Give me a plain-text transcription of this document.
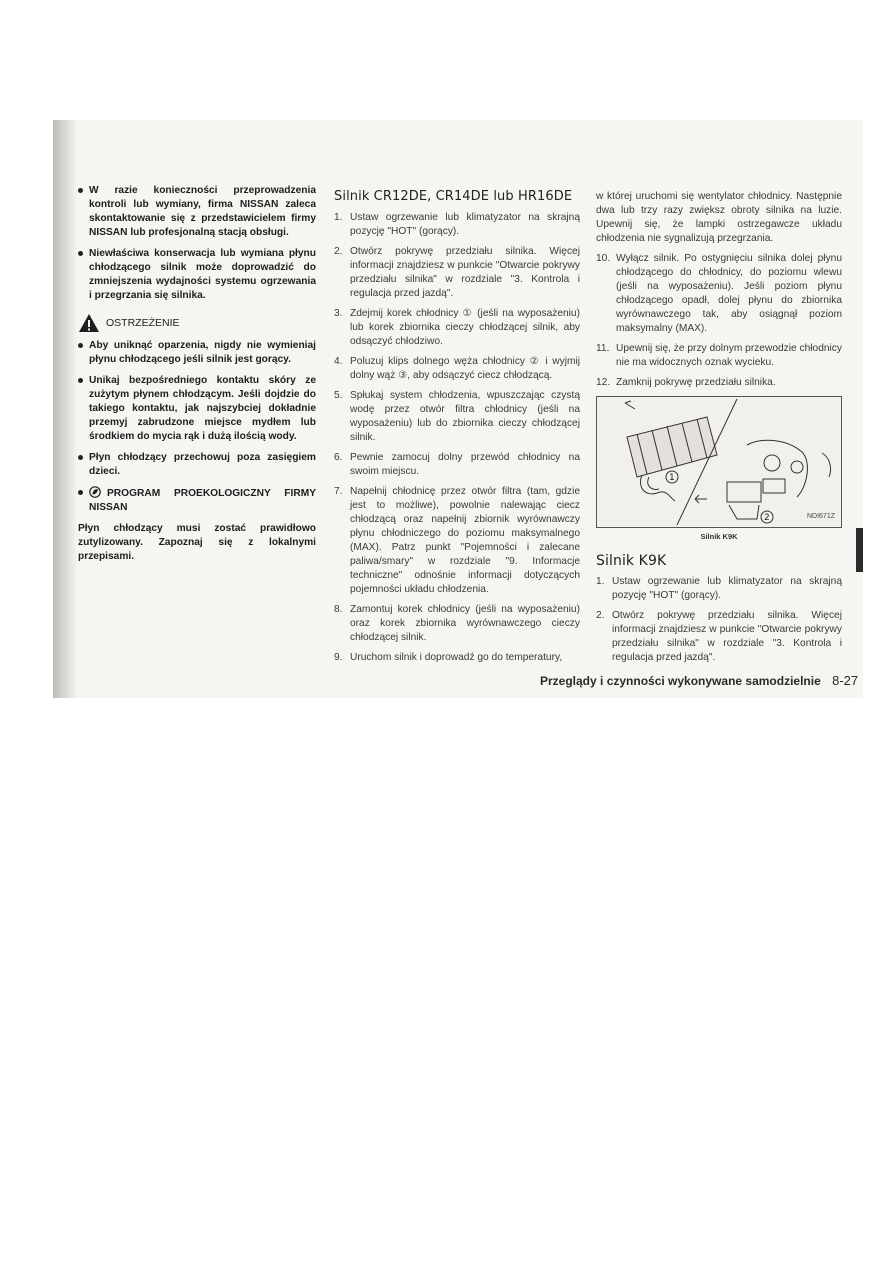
W razie konieczności przeprowadzenia kontroli lub wymiany, firma NISSAN zaleca skontaktowanie się z przedstawicielem firmy NISSAN lub profesjonalną stacją obsługi.
Niewłaściwa konserwacja lub wymiana płynu chłodzącego silnik może doprowadzić do zmniejszenia wydajności systemu ogrzewania i przegrzania się silnika.
OSTRZEŻENIE
Aby uniknąć oparzenia, nigdy nie wymieniaj płynu chłodzącego jeśli silnik jest gorący.
Unikaj bezpośredniego kontaktu skóry ze zużytym płynem chłodzącym. Jeśli dojdzie do takiego kontaktu, jak najszybciej dokładnie przemyj zabrudzone miejsce mydłem lub środkiem do mycia rąk i dużą ilością wody.
Płyn chłodzący przechowuj poza zasięgiem dzieci.
PROGRAM PROEKOLOGICZNY FIRMY NISSAN
Płyn chłodzący musi zostać prawidłowo zutylizowany. Zapoznaj się z lokalnymi przepisami.
Silnik CR12DE, CR14DE lub HR16DE
1. Ustaw ogrzewanie lub klimatyzator na skrajną pozycję "HOT" (gorący).
2. Otwórz pokrywę przedziału silnika. Więcej informacji znajdziesz w punkcie "Otwarcie pokrywy przedziału silnika" w rozdziale "3. Kontrola i regulacja przed jazdą".
3. Zdejmij korek chłodnicy ① (jeśli na wyposażeniu) lub korek zbiornika cieczy chłodzącej silnik, aby odsączyć chłodziwo.
4. Poluzuj klips dolnego węża chłodnicy ② i wyjmij dolny wąż ③, aby odsączyć ciecz chłodzącą.
5. Spłukaj system chłodzenia, wpuszczając czystą wodę przez otwór filtra chłodnicy (jeśli na wyposażeniu) lub do zbiornika cieczy chłodzącej silnik.
6. Pewnie zamocuj dolny przewód chłodnicy na swoim miejscu.
7. Napełnij chłodnicę przez otwór filtra (tam, gdzie jest to możliwe), powolnie nalewając ciecz chłodzącą oraz napełnij zbiornik wyrównawczy płynu chłodniczego do poziomu maksymalnego (MAX). Patrz punkt "Pojemności i zalecane paliwa/smary" w rozdziale "9. Informacje techniczne" odnośnie informacji dotyczących pojemności układu chłodzenia.
8. Zamontuj korek chłodnicy (jeśli na wyposażeniu) oraz korek zbiornika wyrównawczego cieczy chłodzącej silnik.
9. Uruchom silnik i doprowadź go do temperatury,
w której uruchomi się wentylator chłodnicy. Następnie dwa lub trzy razy zwiększ obroty silnika na luzie. Upewnij się, że lampki ostrzegawcze układu chłodzenia nie sygnalizują przegrzania.
10. Wyłącz silnik. Po ostygnięciu silnika dolej płynu chłodzącego do chłodnicy, do poziomu wlewu (jeśli na wyposażeniu). Jeśli poziom płynu chłodzącego opadł, dolej płynu do zbiornika wyrównawczego tak, aby osiągnął poziom maksymalny (MAX).
11. Upewnij się, że przy dolnym przewodzie chłodnicy nie ma widocznych oznak wycieku.
12. Zamknij pokrywę przedziału silnika.
1
2	NDI671Z
Silnik K9K
Silnik K9K
1. Ustaw ogrzewanie lub klimatyzator na skrajną pozycję "HOT" (gorący).
2. Otwórz pokrywę przedziału silnika. Więcej informacji znajdziesz w punkcie "Otwarcie pokrywy przedziału silnika" w rozdziale "3. Kontrola i regulacja przed jazdą".
Przeglądy i czynności wykonywane samodzielnie 8-27
